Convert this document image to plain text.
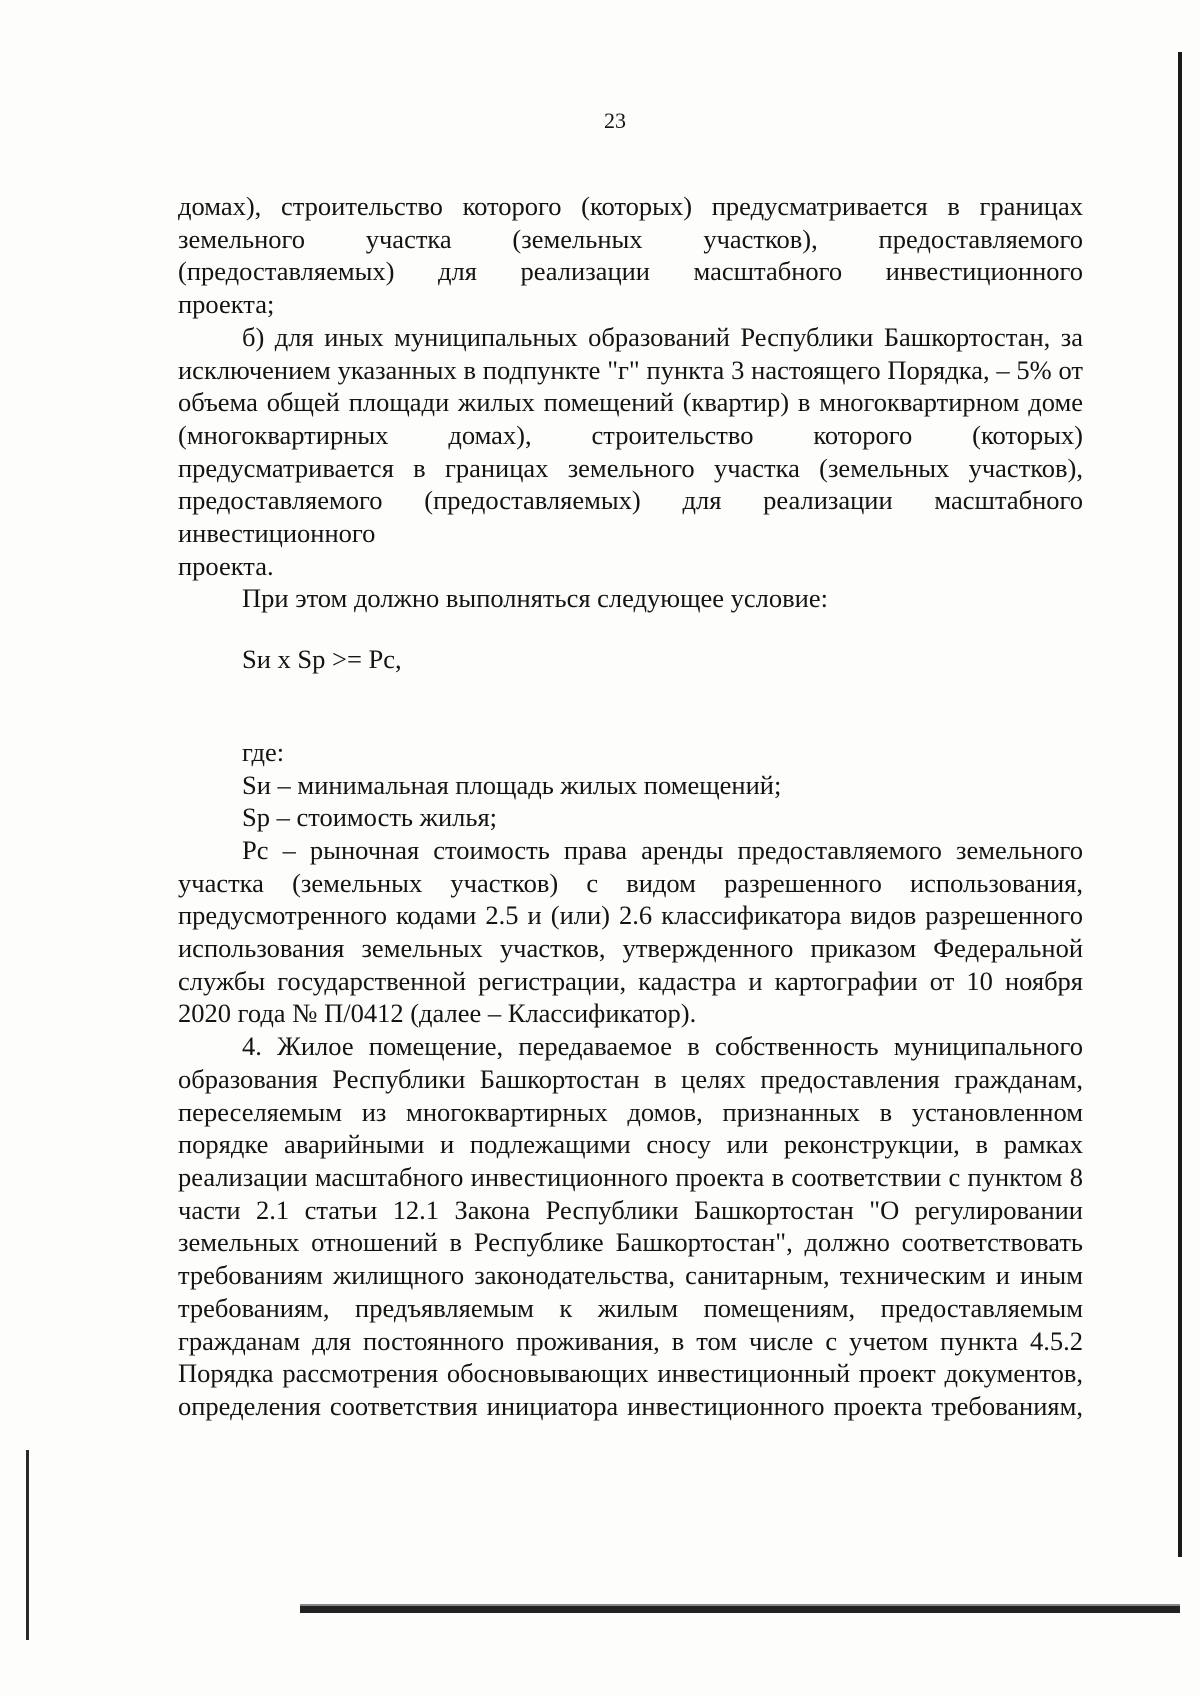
23

домах), строительство которого (которых) предусматривается в границах земельного участка (земельных участков), предоставляемого (предоставляемых) для реализации масштабного инвестиционного

проекта;

б) для иных муниципальных образований Республики Башкортостан, за исключением указанных в подпункте "г" пункта 3 настоящего Порядка, – 5% от объема общей площади жилых помещений (квартир) в многоквартирном доме (многоквартирных домах), строительство которого (которых) предусматривается в границах земельного участка (земельных участков), предоставляемого (предоставляемых) для реализации масштабного инвестиционного

проекта.

При этом должно выполняться следующее условие:

Sи x Sр >= Рс,

где:

Sи – минимальная площадь жилых помещений;

Sр – стоимость жилья;

Рс – рыночная стоимость права аренды предоставляемого земельного участка (земельных участков) с видом разрешенного использования, предусмотренного кодами 2.5 и (или) 2.6 классификатора видов разрешенного использования земельных участков, утвержденного приказом Федеральной службы государственной регистрации, кадастра и картографии от 10 ноября

2020 года № П/0412 (далее – Классификатор).

4. Жилое помещение, передаваемое в собственность муниципального образования Республики Башкортостан в целях предоставления гражданам, переселяемым из многоквартирных домов, признанных в установленном порядке аварийными и подлежащими сносу или реконструкции, в рамках реализации масштабного инвестиционного проекта в соответствии с пунктом 8 части 2.1 статьи 12.1 Закона Республики Башкортостан "О регулировании земельных отношений в Республике Башкортостан", должно соответствовать требованиям жилищного законодательства, санитарным, техническим и иным требованиям, предъявляемым к жилым помещениям, предоставляемым гражданам для постоянного проживания, в том числе с учетом пункта 4.5.2 Порядка рассмотрения обосновывающих инвестиционный проект документов, определения соответствия инициатора инвестиционного проекта требованиям,
